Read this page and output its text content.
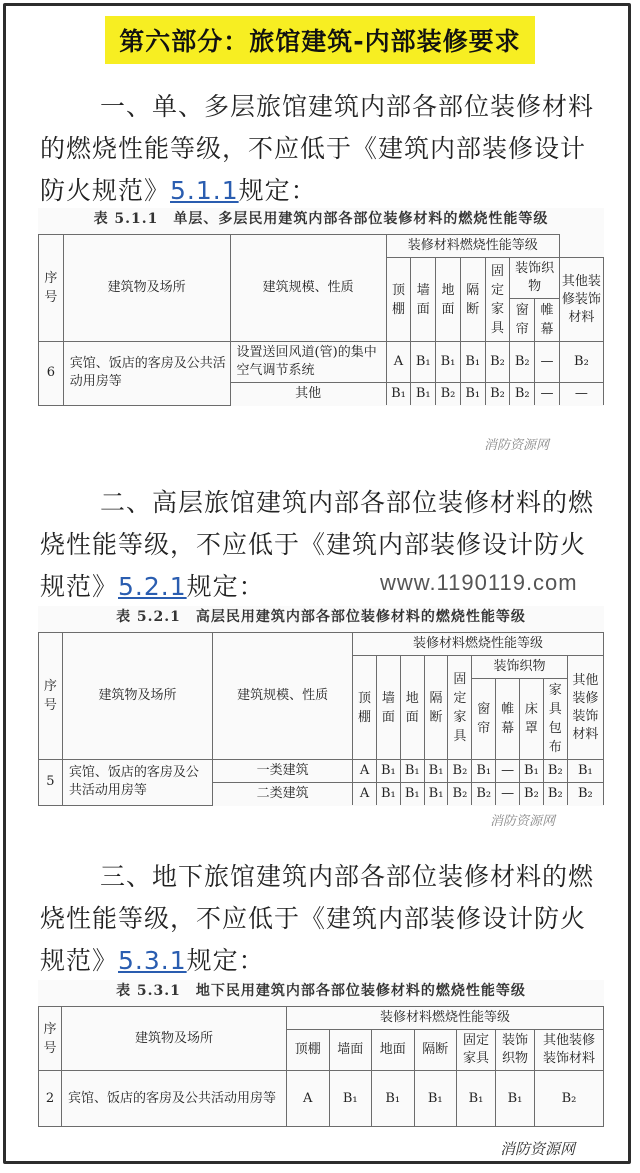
第六部分：旅馆建筑-内部装修要求
一、单、多层旅馆建筑内部各部位装修材料的燃烧性能等级，不应低于《建筑内部装修设计防火规范》5.1.1规定：
表 5.1.1　单层、多层民用建筑内部各部位装修材料的燃烧性能等级
序号	建筑物及场所	建筑规模、性质	装修材料燃烧性能等级							
			顶棚	墙面	地面	隔断	固定家具	装饰织物		其他装修装饰材料
								窗帘	帷幕	
6	宾馆、饭店的客房及公共活动用房等	设置送回风道(管)的集中空气调节系统	A	B₁	B₁	B₁	B₂	B₂	—	B₂
		其他	B₁	B₁	B₂	B₁	B₂	B₂	—	—
消防资源网
二、高层旅馆建筑内部各部位装修材料的燃烧性能等级，不应低于《建筑内部装修设计防火规范》5.2.1规定：	www.1190119.com
表 5.2.1　高层民用建筑内部各部位装修材料的燃烧性能等级
序号	建筑物及场所	建筑规模、性质	装修材料燃烧性能等级									
			顶棚	墙面	地面	隔断	固定家具	装饰织物				其他装修装饰材料
								窗帘	帷幕	床罩	家具包布	
5	宾馆、饭店的客房及公共活动用房等	一类建筑	A	B₁	B₁	B₁	B₂	B₁	—	B₁	B₂	B₁
		二类建筑	A	B₁	B₁	B₁	B₂	B₂	—	B₂	B₂	B₂
消防资源网
三、地下旅馆建筑内部各部位装修材料的燃烧性能等级，不应低于《建筑内部装修设计防火规范》5.3.1规定：
表 5.3.1　地下民用建筑内部各部位装修材料的燃烧性能等级
序号	建筑物及场所	装修材料燃烧性能等级						
		顶棚	墙面	地面	隔断	固定家具	装饰织物	其他装修装饰材料
2	宾馆、饭店的客房及公共活动用房等	A	B₁	B₁	B₁	B₁	B₁	B₂
消防资源网
